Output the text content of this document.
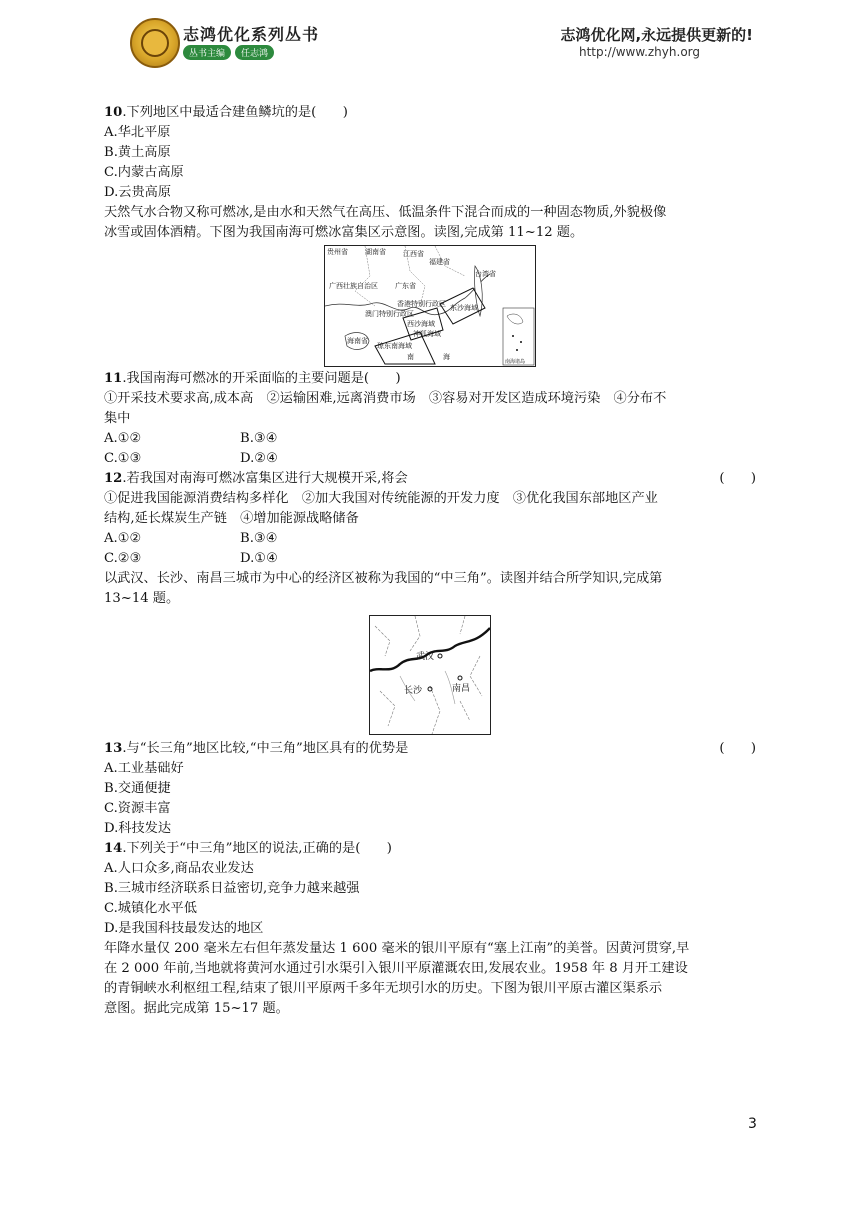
志鸿优化系列丛书
丛书主编	任志鸿
志鸿优化网,永远提供更新的!
http://www.zhyh.org
10.下列地区中最适合建鱼鳞坑的是(　　)
A.华北平原
B.黄土高原
C.内蒙古高原
D.云贵高原
天然气水合物又称可燃冰,是由水和天然气在高压、低温条件下混合而成的一种固态物质,外貌极像
冰雪或固体酒精。下图为我国南海可燃冰富集区示意图。读图,完成第 11~12 题。
贵州省 湖南省 江西省
福建省
广西壮族自治区 广东省
台湾省
香港特别行政区
澳门特别行政区
东沙海域
西沙海域
神狐海域
琼东南海域
海南省
南	海
南海诸岛
11.我国南海可燃冰的开采面临的主要问题是(　　)
①开采技术要求高,成本高　②运输困难,远离消费市场　③容易对开发区造成环境污染　④分布不
集中
A.①②	B.③④
C.①③	D.②④
12.若我国对南海可燃冰富集区进行大规模开采,将会	(　　)
①促进我国能源消费结构多样化　②加大我国对传统能源的开发力度　③优化我国东部地区产业
结构,延长煤炭生产链　④增加能源战略储备
A.①②	B.③④
C.②③	D.①④
以武汉、长沙、南昌三城市为中心的经济区被称为我国的“中三角”。读图并结合所学知识,完成第
13~14 题。
武汉
长沙	南昌
13.与“长三角”地区比较,“中三角”地区具有的优势是	(　　)
A.工业基础好
B.交通便捷
C.资源丰富
D.科技发达
14.下列关于“中三角”地区的说法,正确的是(　　)
A.人口众多,商品农业发达
B.三城市经济联系日益密切,竞争力越来越强
C.城镇化水平低
D.是我国科技最发达的地区
年降水量仅 200 毫米左右但年蒸发量达 1 600 毫米的银川平原有“塞上江南”的美誉。因黄河贯穿,早
在 2 000 年前,当地就将黄河水通过引水渠引入银川平原灌溉农田,发展农业。1958 年 8 月开工建设
的青铜峡水利枢纽工程,结束了银川平原两千多年无坝引水的历史。下图为银川平原古灌区渠系示
意图。据此完成第 15~17 题。
3
